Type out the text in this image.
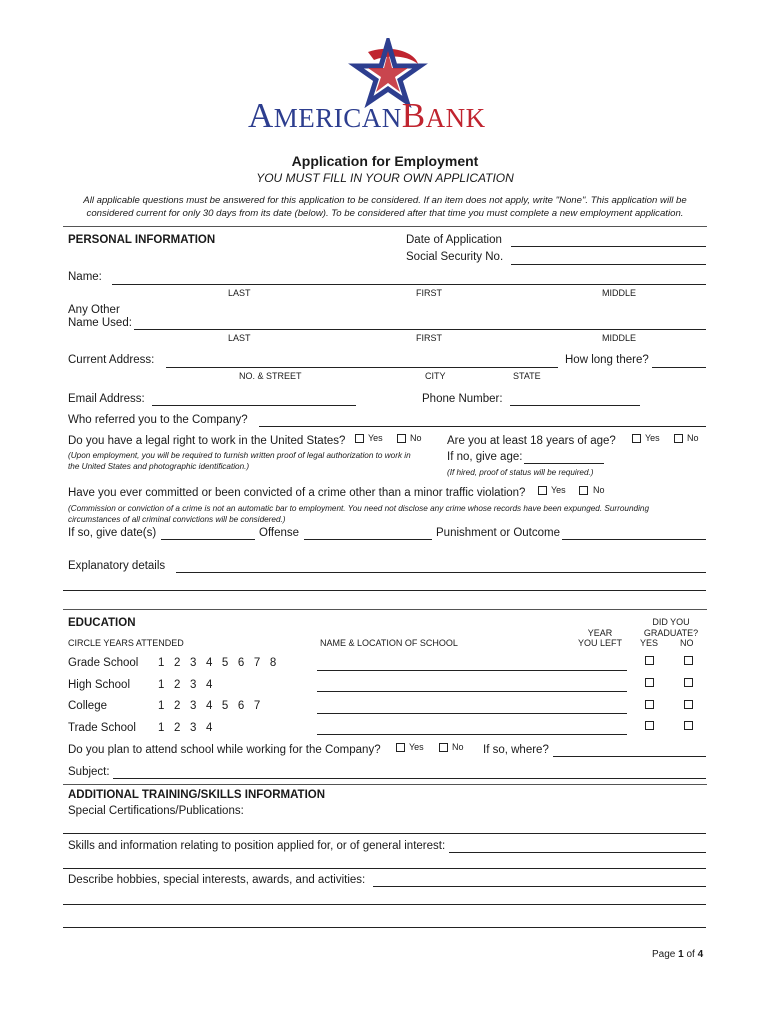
AMERICANBANK
Application for Employment
YOU MUST FILL IN YOUR OWN APPLICATION
All applicable questions must be answered for this application to be considered. If an item does not apply, write "None". This application will be
considered current for only 30 days from its date (below). To be considered after that time you must complete a new employment application.
PERSONAL INFORMATION	Date of Application
Social Security No.
Name:
LAST	FIRST	MIDDLE
Any Other
Name Used:
LAST	FIRST	MIDDLE
Current Address:	How long there?
NO. & STREET	CITY	STATE
Email Address:	Phone Number:
Who referred you to the Company?
Do you have a legal right to work in the United States?	Yes	No Are you at least 18 years of age?	Yes	No
(Upon employment, you will be required to furnish written proof of legal authorization to work in
the United States and photographic identification.)
If no, give age:
(If hired, proof of status will be required.)
Have you ever committed or been convicted of a crime other than a minor traffic violation?	Yes	No
(Commission or conviction of a crime is not an automatic bar to employment. You need not disclose any crime whose records have been expunged. Surrounding
circumstances of all criminal convictions will be considered.)
If so, give date(s)	Offense	Punishment or Outcome
Explanatory details
EDUCATION
CIRCLE YEARS ATTENDED	NAME & LOCATION OF SCHOOL
YEAR
YOU LEFT
DID YOU
GRADUATE?
YES NO
Grade School 1   2   3   4   5   6   7   8
High School 1   2   3   4
College	1   2   3   4   5   6   7
Trade School 1   2   3   4
Do you plan to attend school while working for the Company?	Yes	No If so, where?
Subject:
ADDITIONAL TRAINING/SKILLS INFORMATION
Special Certifications/Publications:
Skills and information relating to position applied for, or of general interest:
Describe hobbies, special interests, awards, and activities:
Page 1 of 4
